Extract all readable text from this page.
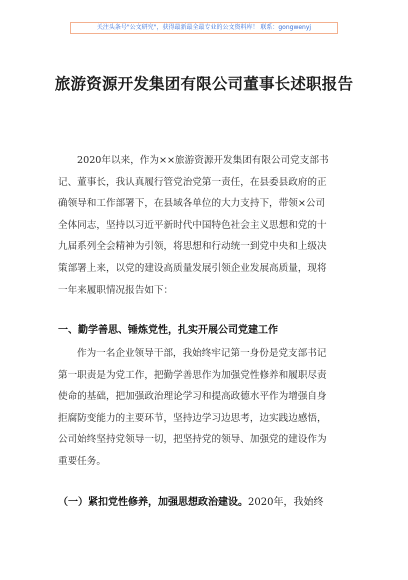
关注头条号"公文研究"，获得最新最全最专业的公文资料库！ 联系：gongwenyj
旅游资源开发集团有限公司董事长述职报告
2020年以来，作为××旅游资源开发集团有限公司党支部书
记、董事长，我认真履行管党治党第一责任，在县委县政府的正
确领导和工作部署下，在县域各单位的大力支持下，带领×公司
全体同志，坚持以习近平新时代中国特色社会主义思想和党的十
九届系列全会精神为引领，将思想和行动统一到党中央和上级决
策部署上来，以党的建设高质量发展引领企业发展高质量，现将
一年来履职情况报告如下：
一、勤学善思、锤炼党性，扎实开展公司党建工作
作为一名企业领导干部，我始终牢记第一身份是党支部书记
第一职责是为党工作，把勤学善思作为加强党性修养和履职尽责
使命的基础，把加强政治理论学习和提高政德水平作为增强自身
拒腐防变能力的主要环节，坚持边学习边思考，边实践边感悟，
公司始终坚持党领导一切，把坚持党的领导、加强党的建设作为
重要任务。
（一）紧扣党性修养，加强思想政治建设。2020年，我始终
